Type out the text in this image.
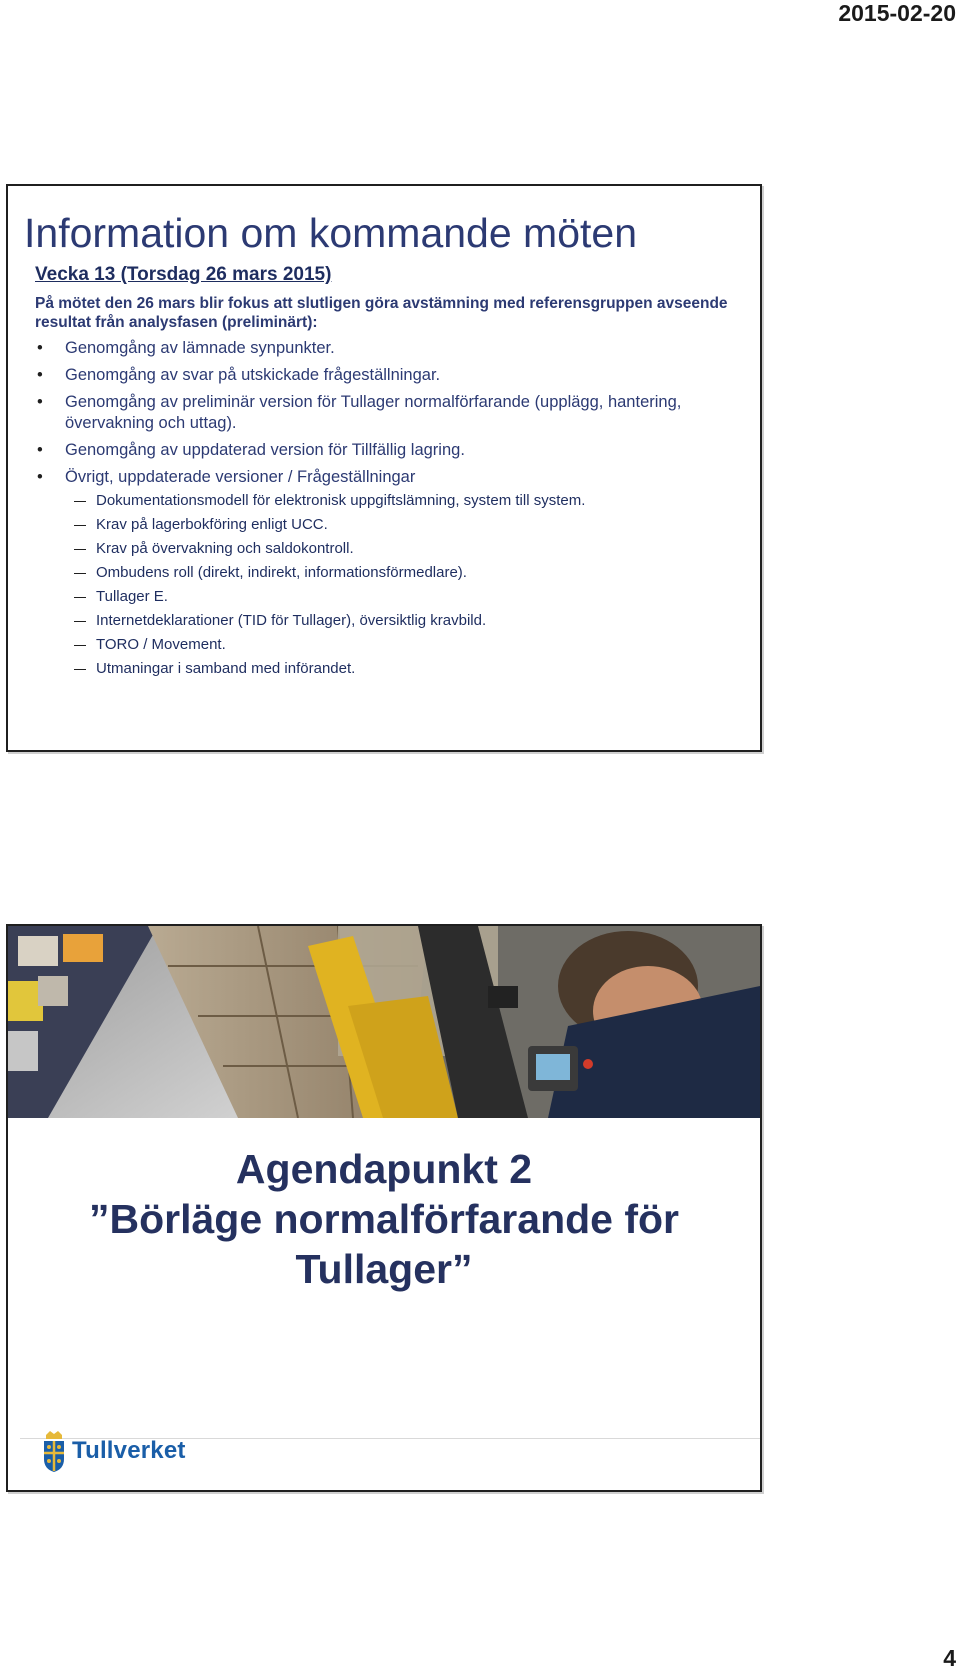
2015-02-20
Information om kommande möten
Vecka 13 (Torsdag 26 mars 2015)
På mötet den 26 mars blir fokus att slutligen göra avstämning med referensgruppen avseende resultat från analysfasen (preliminärt):
• Genomgång av lämnade synpunkter.
• Genomgång av svar på utskickade frågeställningar.
• Genomgång av preliminär version för Tullager normalförfarande (upplägg, hantering, övervakning och uttag).
• Genomgång av uppdaterad version för Tillfällig lagring.
• Övrigt, uppdaterade versioner / Frågeställningar
Dokumentationsmodell för elektronisk uppgiftslämning, system till system.
Krav på lagerbokföring enligt UCC.
Krav på övervakning och saldokontroll.
Ombudens roll (direkt, indirekt, informationsförmedlare).
Tullager E.
Internetdeklarationer (TID för Tullager), översiktlig kravbild.
TORO / Movement.
Utmaningar i samband med införandet.
Agendapunkt 2
”Börläge normalförfarande för
Tullager”
Tullverket
4
